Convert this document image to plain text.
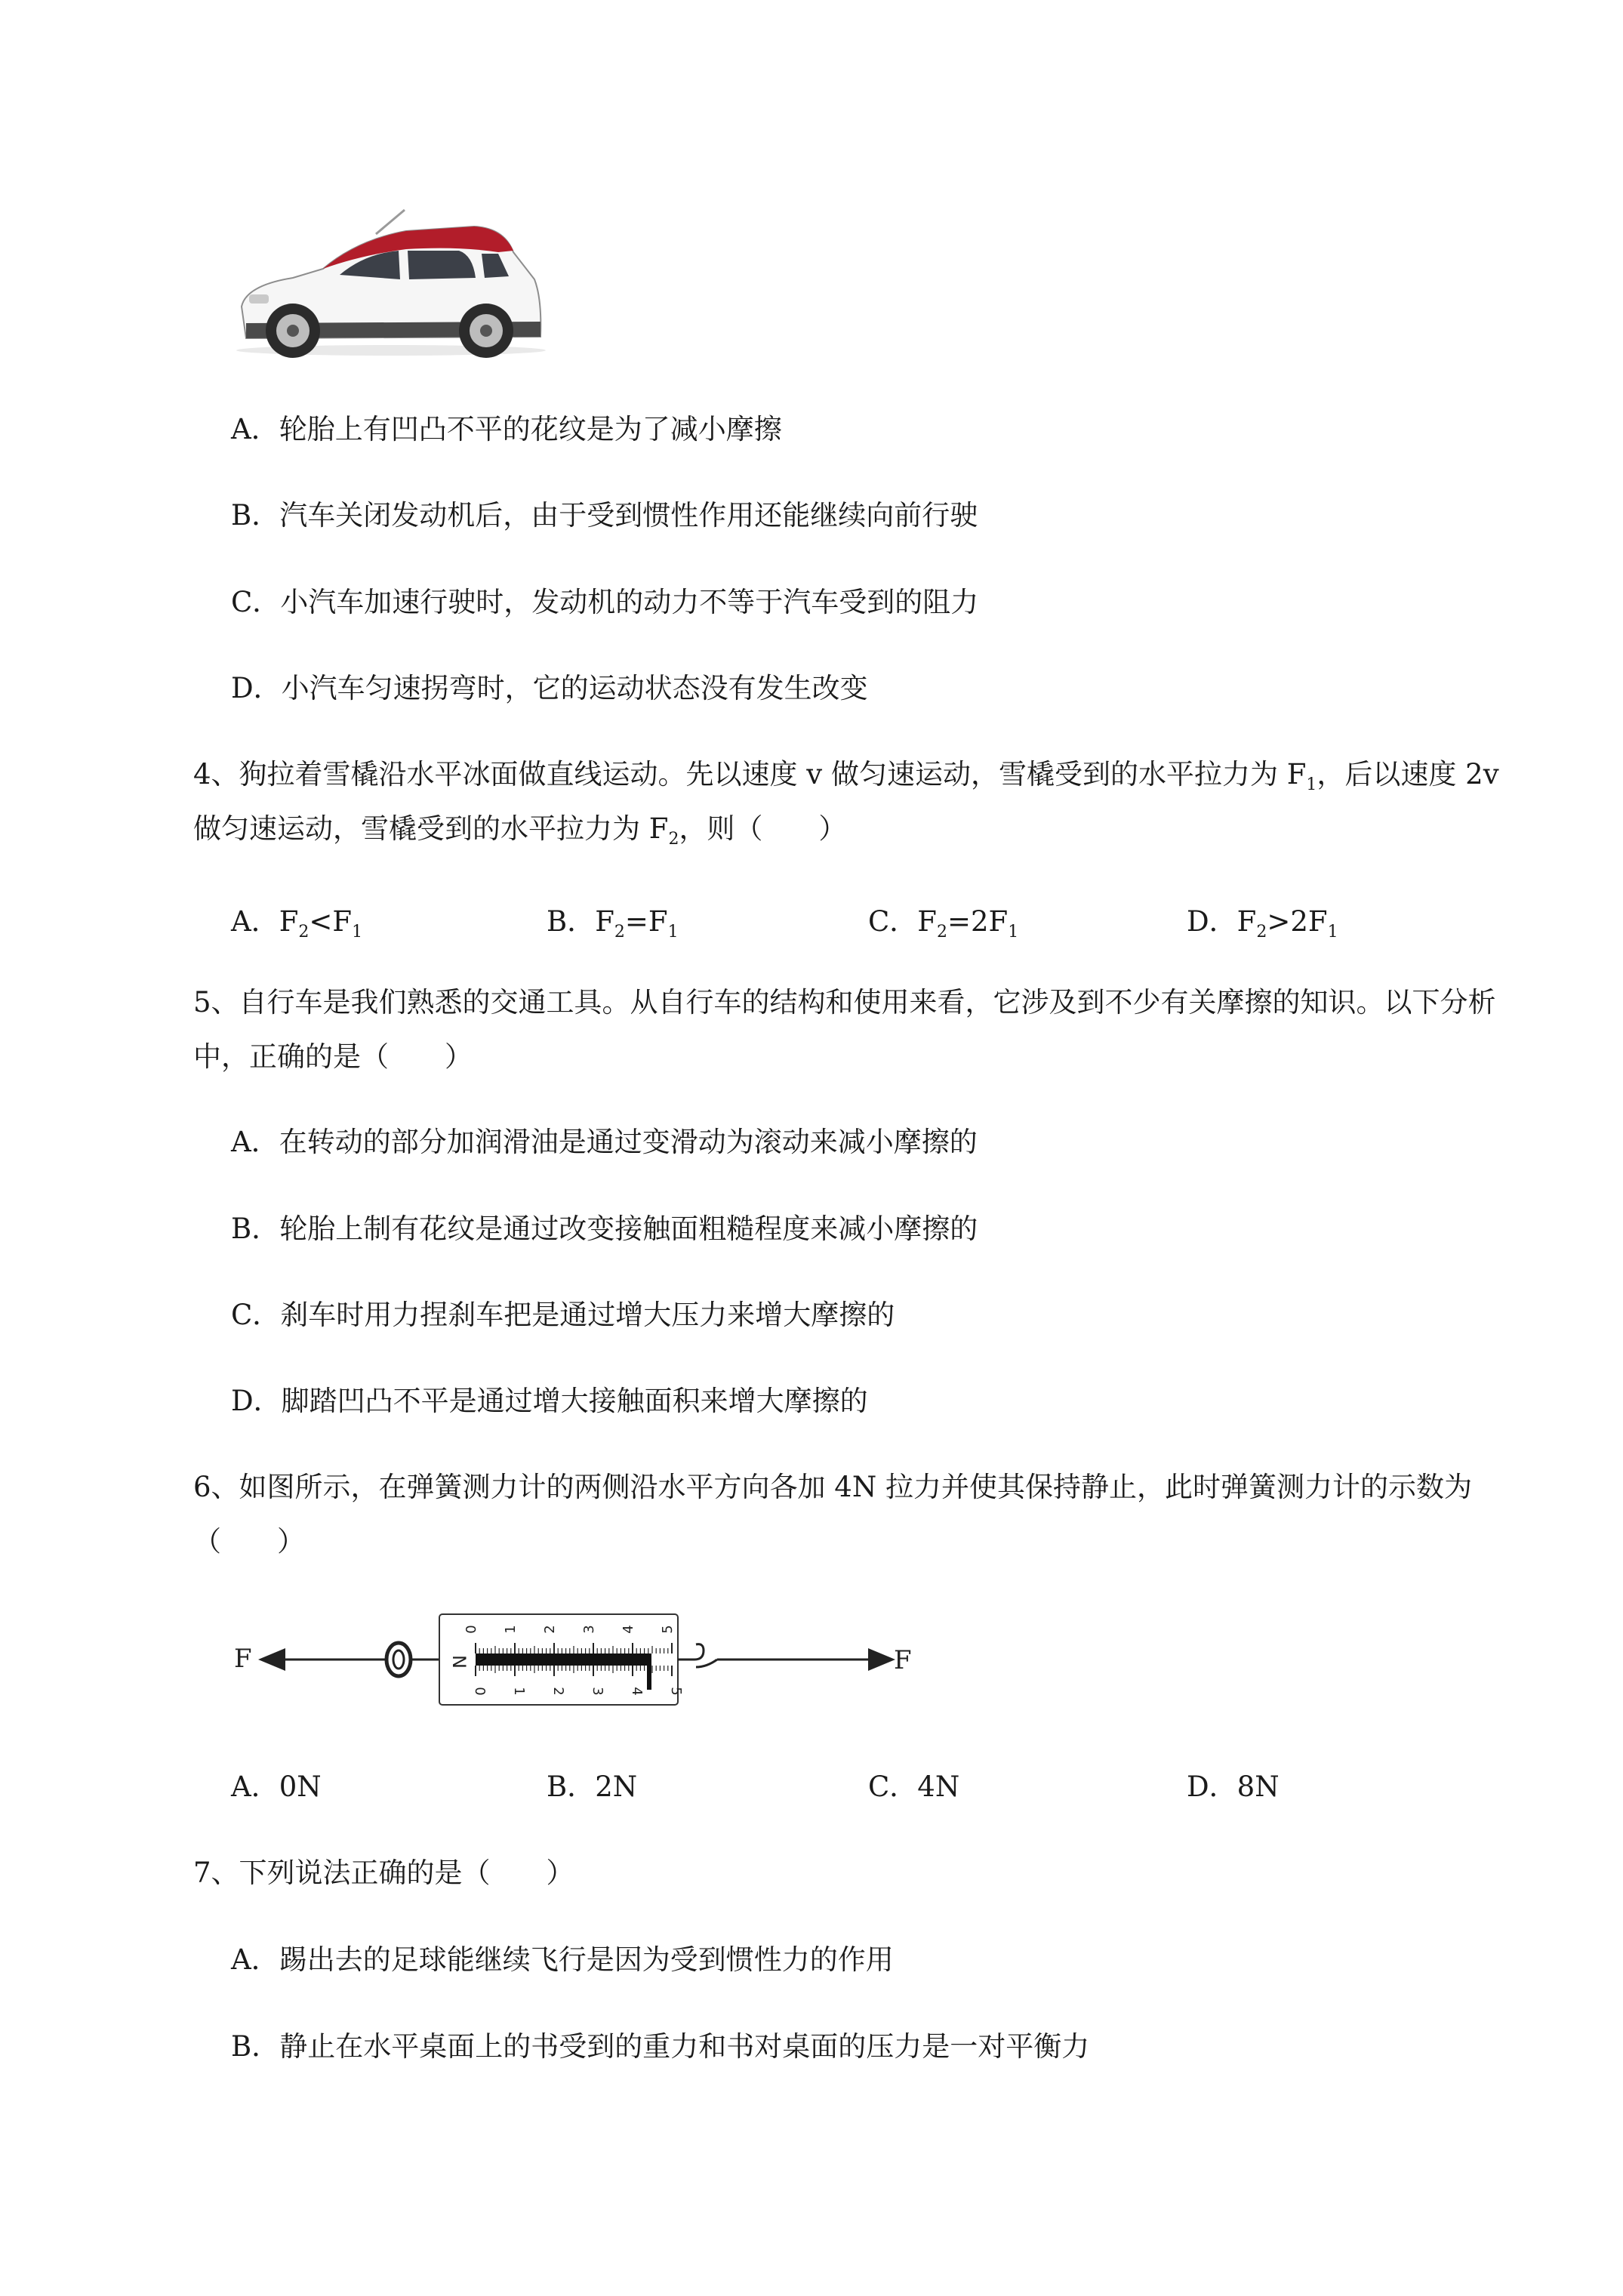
A．轮胎上有凹凸不平的花纹是为了减小摩擦
B．汽车关闭发动机后，由于受到惯性作用还能继续向前行驶
C．小汽车加速行驶时，发动机的动力不等于汽车受到的阻力
D．小汽车匀速拐弯时，它的运动状态没有发生改变
4、狗拉着雪橇沿水平冰面做直线运动。先以速度 v 做匀速运动，雪橇受到的水平拉力为 $F_1$，后以速度 2v 做匀速运动，雪橇受到的水平拉力为 $F_2$，则（　　）
A．$F_2<F_1$	B．$F_2=F_1$	C．$F_2=2F_1$	D．$F_2>2F_1$
5、自行车是我们熟悉的交通工具。从自行车的结构和使用来看，它涉及到不少有关摩擦的知识。以下分析中，正确的是（　　）
A．在转动的部分加润滑油是通过变滑动为滚动来减小摩擦的
B．轮胎上制有花纹是通过改变接触面粗糙程度来减小摩擦的
C．刹车时用力捏刹车把是通过增大压力来增大摩擦的
D．脚踏凹凸不平是通过增大接触面积来增大摩擦的
6、如图所示，在弹簧测力计的两侧沿水平方向各加 4N 拉力并使其保持静止，此时弹簧测力计的示数为（　　）
F	N
0 1 2 3 4 5
0 1 2 3 4 5
F
A．0N	B．2N	C．4N	D．8N
7、下列说法正确的是（　　）
A．踢出去的足球能继续飞行是因为受到惯性力的作用
B．静止在水平桌面上的书受到的重力和书对桌面的压力是一对平衡力
